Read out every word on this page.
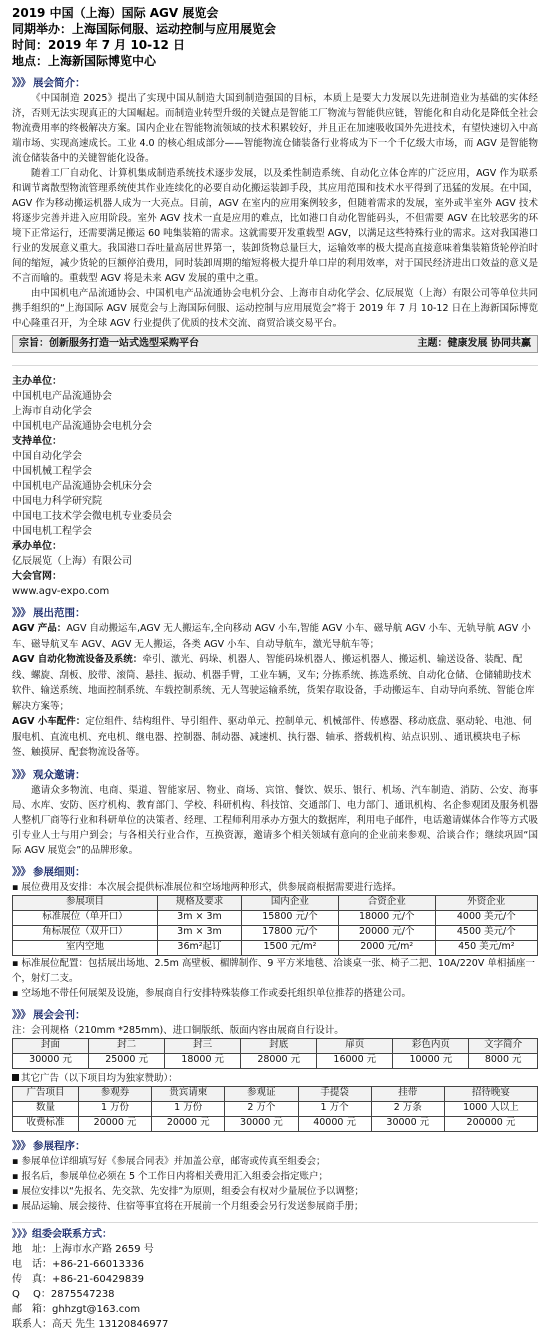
2019 中国（上海）国际 AGV 展览会
同期举办：上海国际伺服、运动控制与应用展览会
时间：2019 年 7 月 10-12 日
地点：上海新国际博览中心
》》》 展会简介：
《中国制造 2025》提出了实现中国从制造大国到制造强国的目标，本质上是要大力发展以先进制造业为基础的实体经济，否则无法实现真正的大国崛起。而制造业转型升级的关键点是智能工厂物流与智能供应链，智能化和自动化是降低全社会物流费用率的终极解决方案。国内企业在智能物流领域的技术积累较好，并且正在加速吸收国外先进技术，有望快速切入中高端市场、实现高速成长。工业 4.0 的核心组成部分——智能物流仓储装备行业将成为下一个千亿级大市场，而 AGV 是智能物流仓储装备中的关键智能化设备。
随着工厂自动化、计算机集成制造系统技术逐步发展，以及柔性制造系统、自动化立体仓库的广泛应用，AGV 作为联系和调节离散型物流管理系统使其作业连续化的必要自动化搬运装卸手段，其应用范围和技术水平得到了迅猛的发展。在中国，AGV 作为移动搬运机器人成为一大亮点。目前，AGV 在室内的应用案例较多，但随着需求的发展，室外或半室外 AGV 技术将逐步完善并进入应用阶段。室外 AGV 技术一直是应用的难点，比如港口自动化智能码头，不但需要 AGV 在比较恶劣的环境下正常运行，还需要满足搬运 60 吨集装箱的需求。这就需要开发重载型 AGV，以满足这些特殊行业的需求。这对我国港口行业的发展意义重大。我国港口吞吐量高居世界第一，装卸货物总量巨大，运输效率的极大提高直接意味着集装箱货轮停泊时间的缩短，减少货轮的巨额停泊费用，同时装卸周期的缩短将极大提升单口岸的利用效率，对于国民经济进出口效益的意义是不言而喻的。重载型 AGV 将是未来 AGV 发展的重中之重。
由中国机电产品流通协会、中国机电产品流通协会电机分会、上海市自动化学会、亿辰展览（上海）有限公司等单位共同携手组织的“上海国际 AGV 展览会与上海国际伺服、运动控制与应用展览会”将于 2019 年 7 月 10-12 日在上海新国际博览中心隆重召开，为全球 AGV 行业提供了优质的技术交流、商贸洽谈交易平台。
宗旨：创新服务打造一站式选型采购平台	主题：健康发展 协同共赢
主办单位：
中国机电产品流通协会
上海市自动化学会
中国机电产品流通协会电机分会
支持单位：
中国自动化学会
中国机械工程学会
中国机电产品流通协会机床分会
中国电力科学研究院
中国电工技术学会微电机专业委员会
中国电机工程学会
承办单位：
亿辰展览（上海）有限公司
大会官网：
www.agv-expo.com
》》》 展出范围：
AGV 产品：AGV 自动搬运车,AGV 无人搬运车,全向移动 AGV 小车,智能 AGV 小车、磁导航 AGV 小车、无轨导航 AGV 小车、磁导航叉车 AGV、AGV 无人搬运，各类 AGV 小车、自动导航车，激光导航车等；
AGV 自动化物流设备及系统：牵引、激光、码垛、机器人、智能码垛机器人、搬运机器人、搬运机、输送设备、装配、配线、螺旋、刮板、胶带、滚筒、悬挂、振动、机器手臂，工业车辆，叉车; 分拣系统、拣选系统、自动化仓储、仓储辅助技术软件、输送系统、地面控制系统、车载控制系统、无人驾驶运输系统，货架存取设备，手动搬运车、自动导向系统、智能仓库解决方案等；
AGV 小车配件：定位组件、结构组件、导引组件、驱动单元、控制单元、机械部件、传感器、移动底盘、驱动轮、电池、伺服电机、直流电机、充电机、继电器、控制器、制动器、减速机、执行器、轴承、搭载机构、站点识别、、通讯模块电子标签、触摸屏、配套物流设备等。
》》》 观众邀请：
邀请众多物流、电商、渠道、智能家居、物业、商场、宾馆、餐饮、娱乐、银行、机场、汽车制造、消防、公安、海事局、水库、安防、医疗机构、教育部门、学校、科研机构、科技馆、交通部门、电力部门、通讯机构、名企参观团及服务机器人整机厂商等行业和科研单位的决策者、经理、工程师利用承办方强大的数据库，利用电子邮件，电话邀请媒体合作等方式吸引专业人士与用户到会；与各相关行业合作，互换资源，邀请多个相关领域有意向的企业前来参观、洽谈合作；继续巩固“国际 AGV 展览会”的品牌形象。
》》》 参展细则：
▪ 展位费用及安排：本次展会提供标准展位和空场地两种形式，供参展商根据需要进行选择。
参展项目	规格及要求	国内企业	合资企业	外资企业
标准展位（单开口）	3m × 3m	15800 元/个	18000 元/个	4000 美元/个
角标展位（双开口）	3m × 3m	17800 元/个	20000 元/个	4500 美元/个
室内空地	36m²起订	1500 元/m²	2000 元/m²	450 美元/m²
▪ 标准展位配置：包括展出场地、2.5m 高壁板、楣牌制作、9 平方米地毯、洽谈桌一张、椅子二把、10A/220V 单相插座一个，射灯二支。
▪ 空场地不带任何展架及设施，参展商自行安排特殊装修工作或委托组织单位推荐的搭建公司。
》》》 展会会刊：
注：会刊规格（210mm *285mm)、进口铜版纸、版面内容由展商自行设计。
封面	封二	封三	封底	扉页	彩色内页	文字简介
30000 元	25000 元	18000 元	28000 元	16000 元	10000 元	8000 元
其它广告（以下项目均为独家赞助）：
广告项目	参观券	贵宾请柬	参观证	手提袋	挂带	招待晚宴
数量	1 万份	1 万份	2 万个	1 万个	2 万条	1000 人以上
收费标准	20000 元	20000 元	30000 元	40000 元	30000 元	200000 元
》》》 参展程序：
▪ 参展单位详细填写好《参展合同表》并加盖公章，邮寄或传真至组委会；
▪ 报名后，参展单位必须在 5 个工作日内将相关费用汇入组委会指定账户；
▪ 展位安排以“先报名、先交款、先安排”为原则，组委会有权对少量展位予以调整；
▪ 展品运输、展会接待、住宿等事宜将在开展前一个月组委会另行发送参展商手册；
》》》组委会联系方式：
地　址：上海市水产路 2659 号
电　话：+86-21-66013336
传　真：+86-21-60429839
Q　 Q：2875547238
邮　箱：ghhzgt@163.com
联系人：高天 先生 13120846977
